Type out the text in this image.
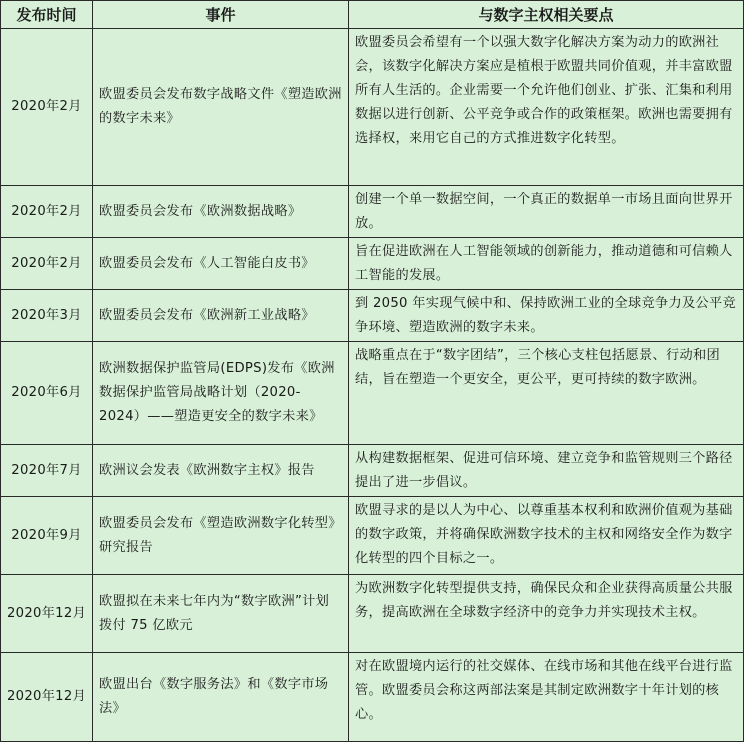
发布时间	事件	与数字主权相关要点
2020年2月	欧盟委员会发布数字战略文件《塑造欧洲的数字未来》	欧盟委员会希望有一个以强大数字化解决方案为动力的欧洲社会，该数字化解决方案应是植根于欧盟共同价值观，并丰富欧盟所有人生活的。企业需要一个允许他们创业、扩张、汇集和利用数据以进行创新、公平竞争或合作的政策框架。欧洲也需要拥有选择权，来用它自己的方式推进数字化转型。
2020年2月	欧盟委员会发布《欧洲数据战略》	创建一个单一数据空间，一个真正的数据单一市场且面向世界开放。
2020年2月	欧盟委员会发布《人工智能白皮书》	旨在促进欧洲在人工智能领域的创新能力，推动道德和可信赖人工智能的发展。
2020年3月	欧盟委员会发布《欧洲新工业战略》	到 2050 年实现气候中和、保持欧洲工业的全球竞争力及公平竞争环境、塑造欧洲的数字未来。
2020年6月	欧洲数据保护监管局(EDPS)发布《欧洲数据保护监管局战略计划（2020-2024）——塑造更安全的数字未来》	战略重点在于“数字团结”，三个核心支柱包括愿景、行动和团结，旨在塑造一个更安全，更公平，更可持续的数字欧洲。
2020年7月	欧洲议会发表《欧洲数字主权》报告	从构建数据框架、促进可信环境、建立竞争和监管规则三个路径提出了进一步倡议。
2020年9月	欧盟委员会发布《塑造欧洲数字化转型》研究报告	欧盟寻求的是以人为中心、以尊重基本权利和欧洲价值观为基础的数字政策，并将确保欧洲数字技术的主权和网络安全作为数字化转型的四个目标之一。
2020年12月	欧盟拟在未来七年内为“数字欧洲”计划拨付 75 亿欧元	为欧洲数字化转型提供支持，确保民众和企业获得高质量公共服务，提高欧洲在全球数字经济中的竞争力并实现技术主权。
2020年12月	欧盟出台《数字服务法》和《数字市场法》	对在欧盟境内运行的社交媒体、在线市场和其他在线平台进行监管。欧盟委员会称这两部法案是其制定欧洲数字十年计划的核心。
